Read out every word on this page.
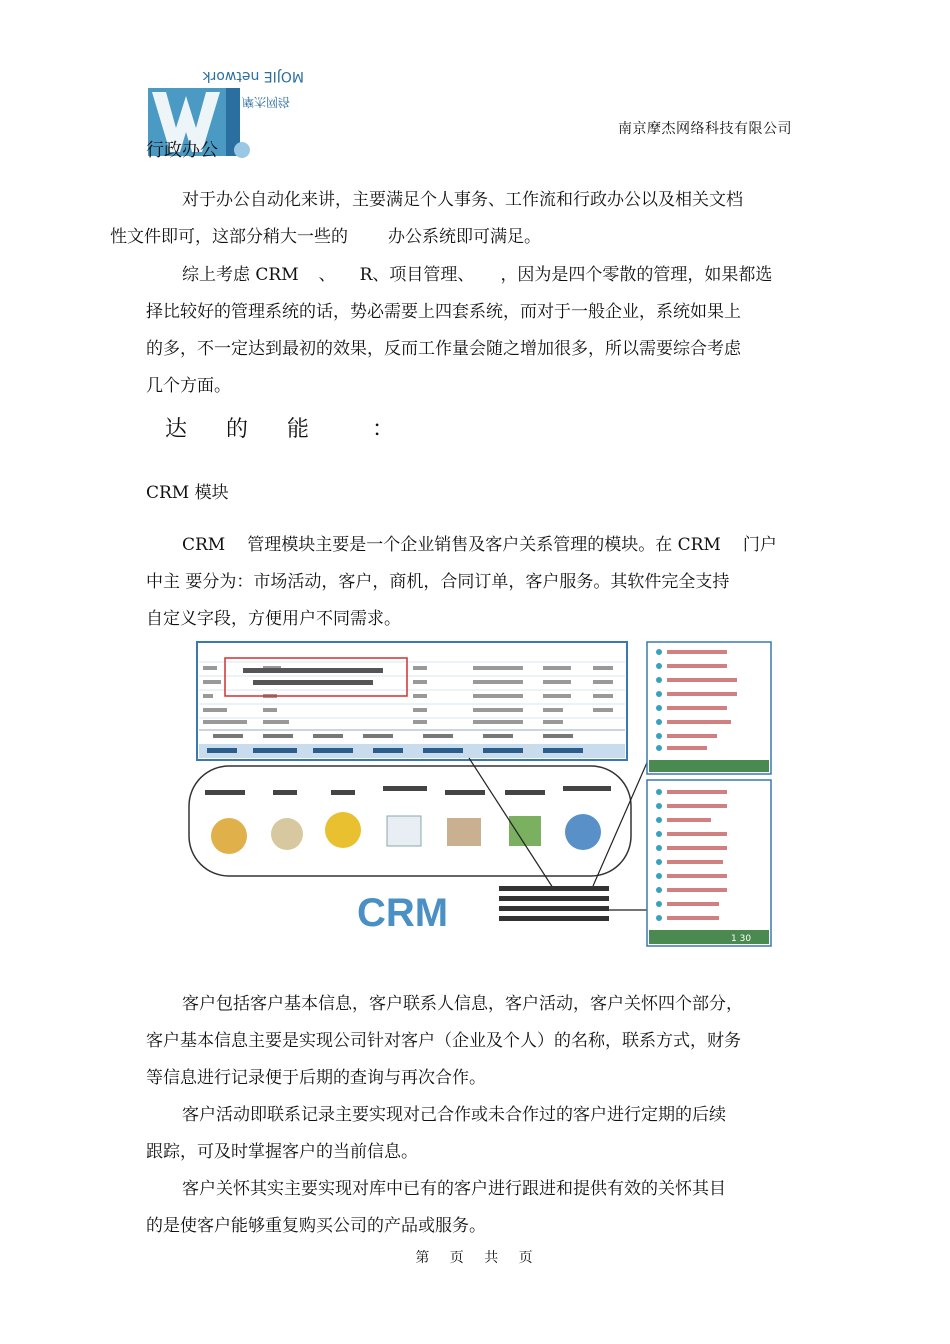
MOJIE network
摩杰网络
南京摩杰网络科技有限公司
行政办公
对于办公自动化来讲，主要满足个人事务、工作流和行政办公以及相关文档
性文件即可，这部分稍大一些的 办公系统即可满足。
综上考虑 CRM 、 R、项目管理、 ，因为是四个零散的管理，如果都选
择比较好的管理系统的话，势必需要上四套系统，而对于一般企业，系统如果上
的多，不一定达到最初的效果，反而工作量会随之增加很多，所以需要综合考虑
几个方面。
达 的 能	：
CRM 模块
CRM 管理模块主要是一个企业销售及客户关系管理的模块。在 CRM 门户
中主 要分为：市场活动，客户，商机，合同订单，客户服务。其软件完全支持
自定义字段，方便用户不同需求。
CRM
1 30
客户包括客户基本信息，客户联系人信息，客户活动，客户关怀四个部分，
客户基本信息主要是实现公司针对客户（企业及个人）的名称，联系方式，财务
等信息进行记录便于后期的查询与再次合作。
客户活动即联系记录主要实现对己合作或未合作过的客户进行定期的后续
跟踪，可及时掌握客户的当前信息。
客户关怀其实主要实现对库中已有的客户进行跟进和提供有效的关怀其目
的是使客户能够重复购买公司的产品或服务。
第 页 共 页
